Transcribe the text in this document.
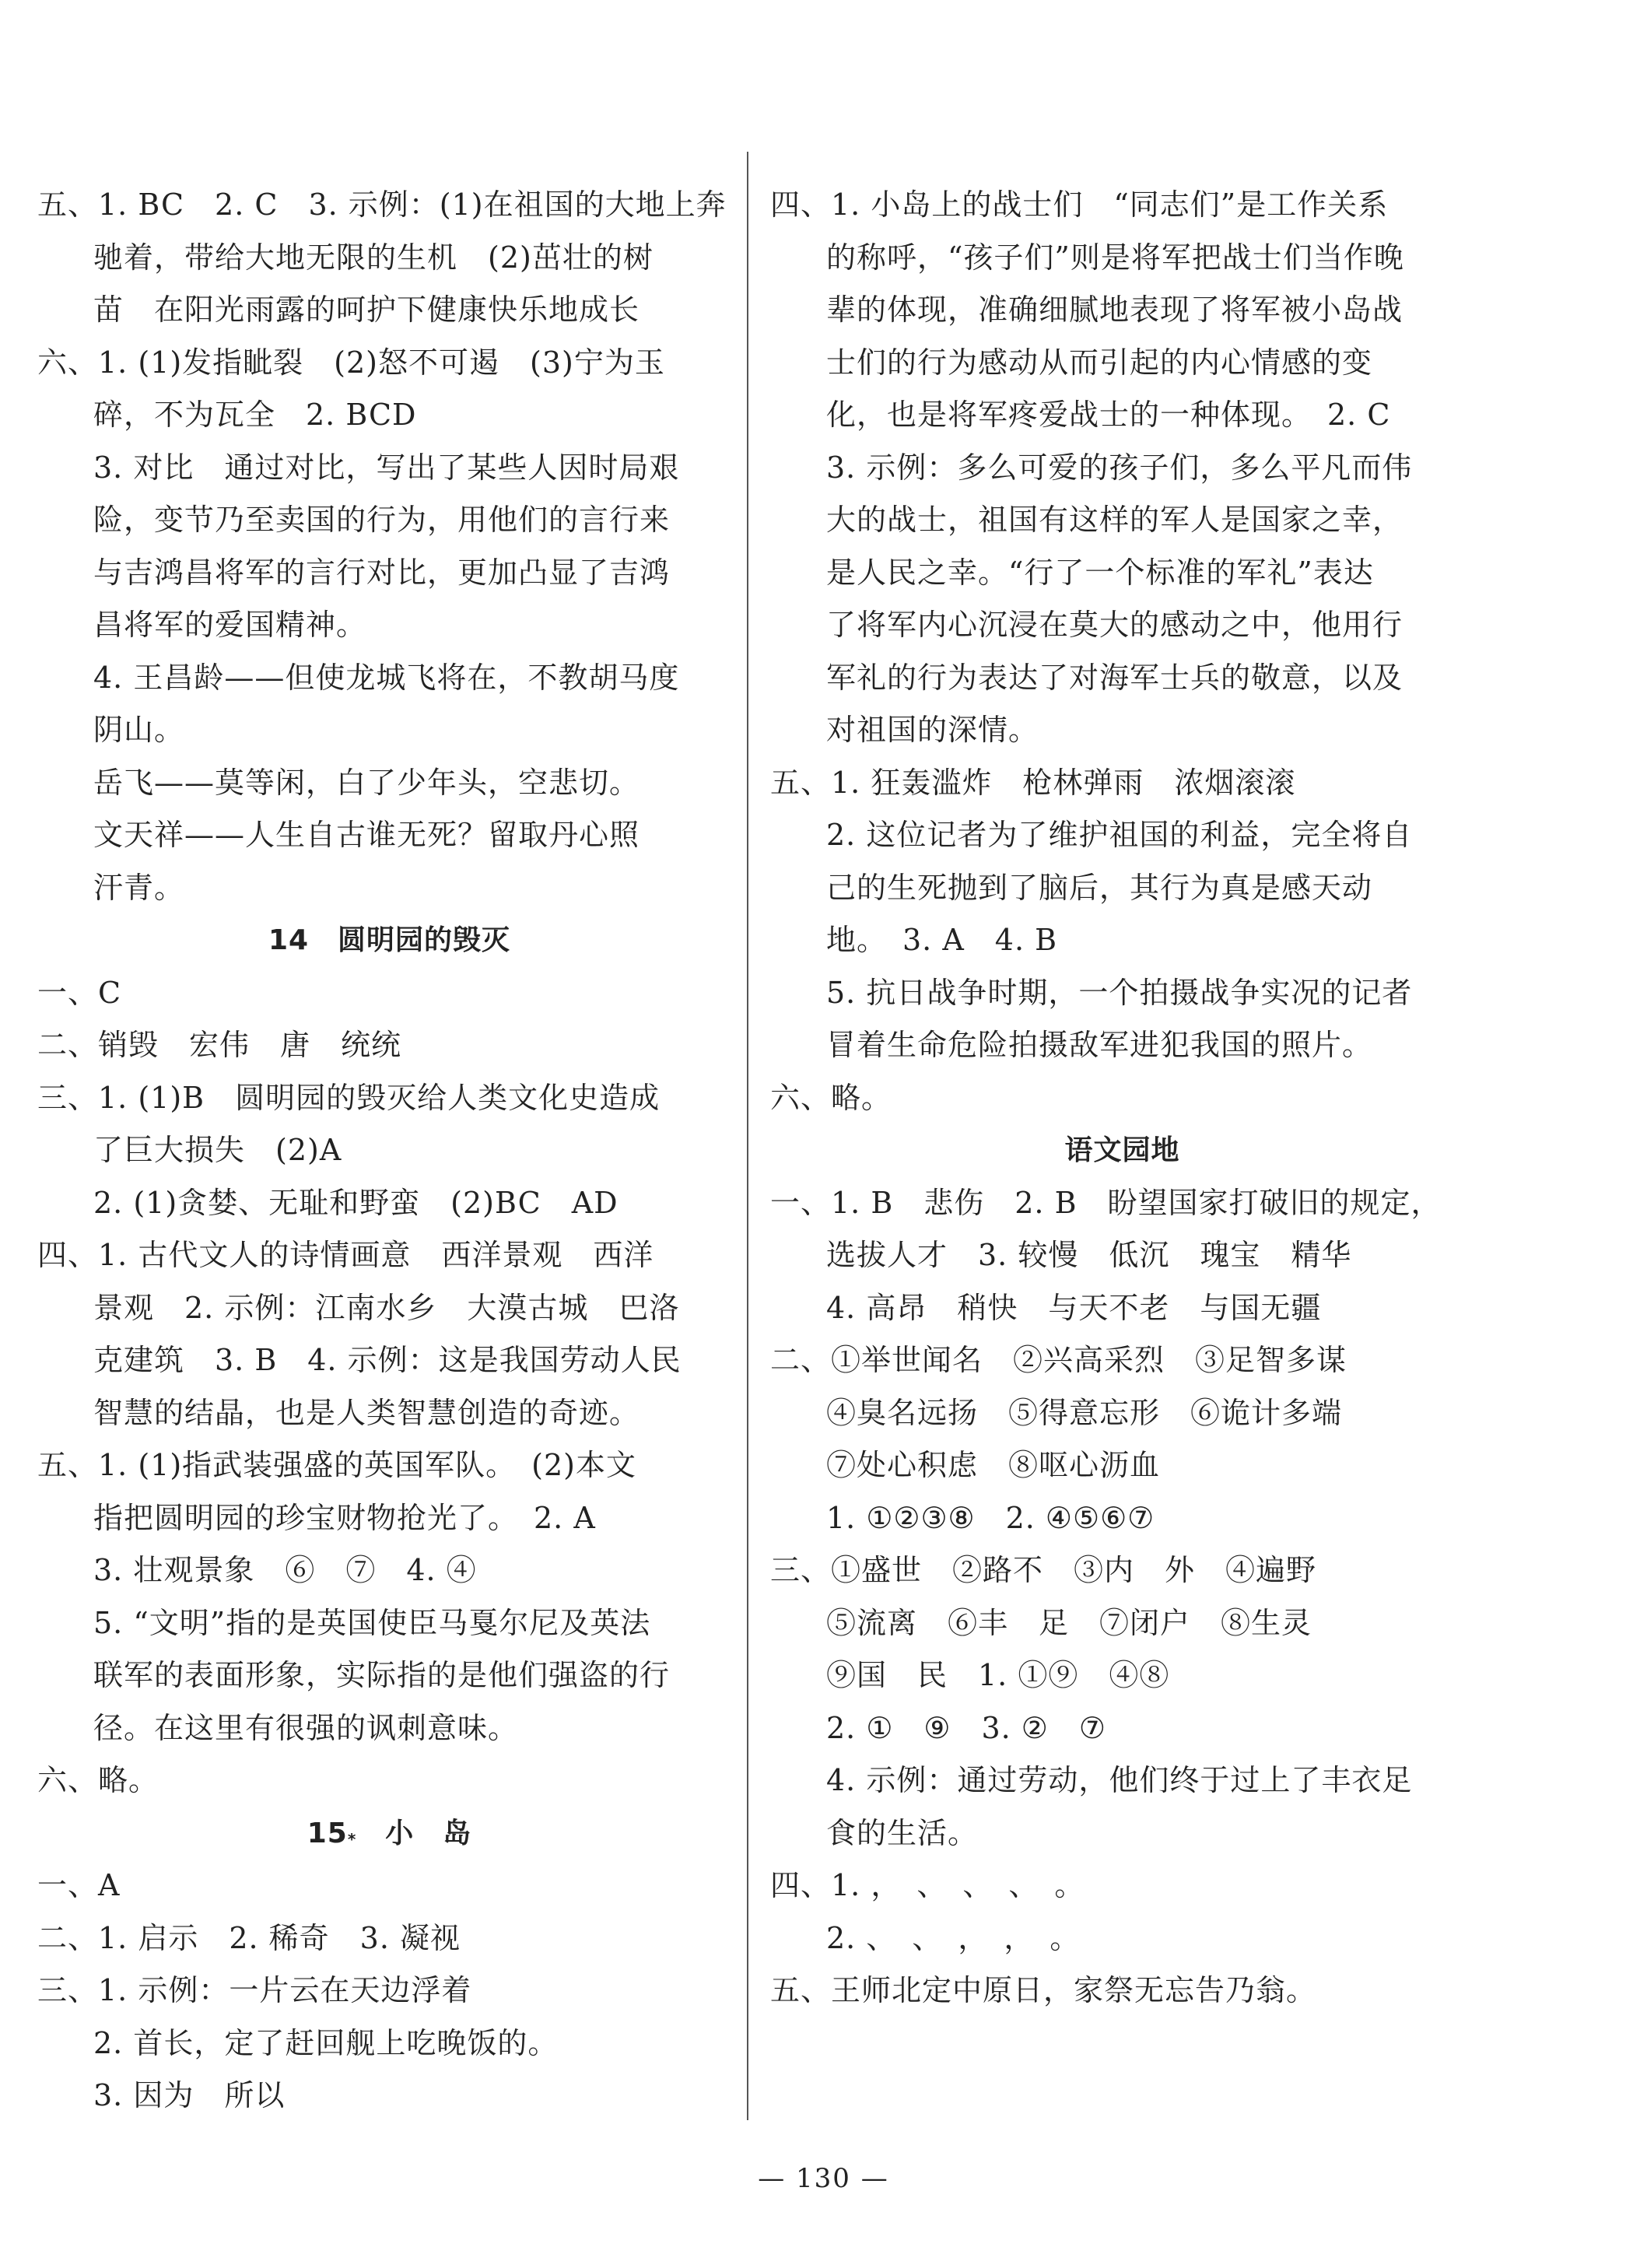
五、1. BC　2. C　3. 示例：(1)在祖国的大地上奔
驰着，带给大地无限的生机　(2)茁壮的树
苗　在阳光雨露的呵护下健康快乐地成长
六、1. (1)发指眦裂　(2)怒不可遏　(3)宁为玉
碎，不为瓦全　2. BCD
3. 对比　通过对比，写出了某些人因时局艰
险，变节乃至卖国的行为，用他们的言行来
与吉鸿昌将军的言行对比，更加凸显了吉鸿
昌将军的爱国精神。
4. 王昌龄——但使龙城飞将在，不教胡马度
阴山。
岳飞——莫等闲，白了少年头，空悲切。
文天祥——人生自古谁无死？留取丹心照
汗青。
14　圆明园的毁灭
一、C
二、销毁　宏伟　唐　统统
三、1. (1)B　圆明园的毁灭给人类文化史造成
了巨大损失　(2)A
2. (1)贪婪、无耻和野蛮　(2)BC　AD
四、1. 古代文人的诗情画意　西洋景观　西洋
景观　2. 示例：江南水乡　大漠古城　巴洛
克建筑　3. B　4. 示例：这是我国劳动人民
智慧的结晶，也是人类智慧创造的奇迹。
五、1. (1)指武装强盛的英国军队。　(2)本文
指把圆明园的珍宝财物抢光了。　2. A
3. 壮观景象　⑥　⑦　4. ④
5. “文明”指的是英国使臣马戛尔尼及英法
联军的表面形象，实际指的是他们强盗的行
径。在这里有很强的讽刺意味。
六、略。
15*　小　岛
一、A
二、1. 启示　2. 稀奇　3. 凝视
三、1. 示例：一片云在天边浮着
2. 首长，定了赶回舰上吃晚饭的。
3. 因为　所以
四、1. 小岛上的战士们　“同志们”是工作关系
的称呼，“孩子们”则是将军把战士们当作晚
辈的体现，准确细腻地表现了将军被小岛战
士们的行为感动从而引起的内心情感的变
化，也是将军疼爱战士的一种体现。　2. C
3. 示例：多么可爱的孩子们，多么平凡而伟
大的战士，祖国有这样的军人是国家之幸，
是人民之幸。“行了一个标准的军礼”表达
了将军内心沉浸在莫大的感动之中，他用行
军礼的行为表达了对海军士兵的敬意，以及
对祖国的深情。
五、1. 狂轰滥炸　枪林弹雨　浓烟滚滚
2. 这位记者为了维护祖国的利益，完全将自
己的生死抛到了脑后，其行为真是感天动
地。　3. A　4. B
5. 抗日战争时期，一个拍摄战争实况的记者
冒着生命危险拍摄敌军进犯我国的照片。
六、略。
语文园地
一、1. B　悲伤　2. B　盼望国家打破旧的规定，
选拔人才　3. 较慢　低沉　瑰宝　精华
4. 高昂　稍快　与天不老　与国无疆
二、①举世闻名　②兴高采烈　③足智多谋
④臭名远扬　⑤得意忘形　⑥诡计多端
⑦处心积虑　⑧呕心沥血
1. ①②③⑧　2. ④⑤⑥⑦
三、①盛世　②路不　③内　外　④遍野
⑤流离　⑥丰　足　⑦闭户　⑧生灵
⑨国　民　1. ①⑨　④⑧
2. ①　⑨　3. ②　⑦
4. 示例：通过劳动，他们终于过上了丰衣足
食的生活。
四、1. ，　、　、　、　。
2. 、　、　，　，　。
五、王师北定中原日，家祭无忘告乃翁。
— 130 —
